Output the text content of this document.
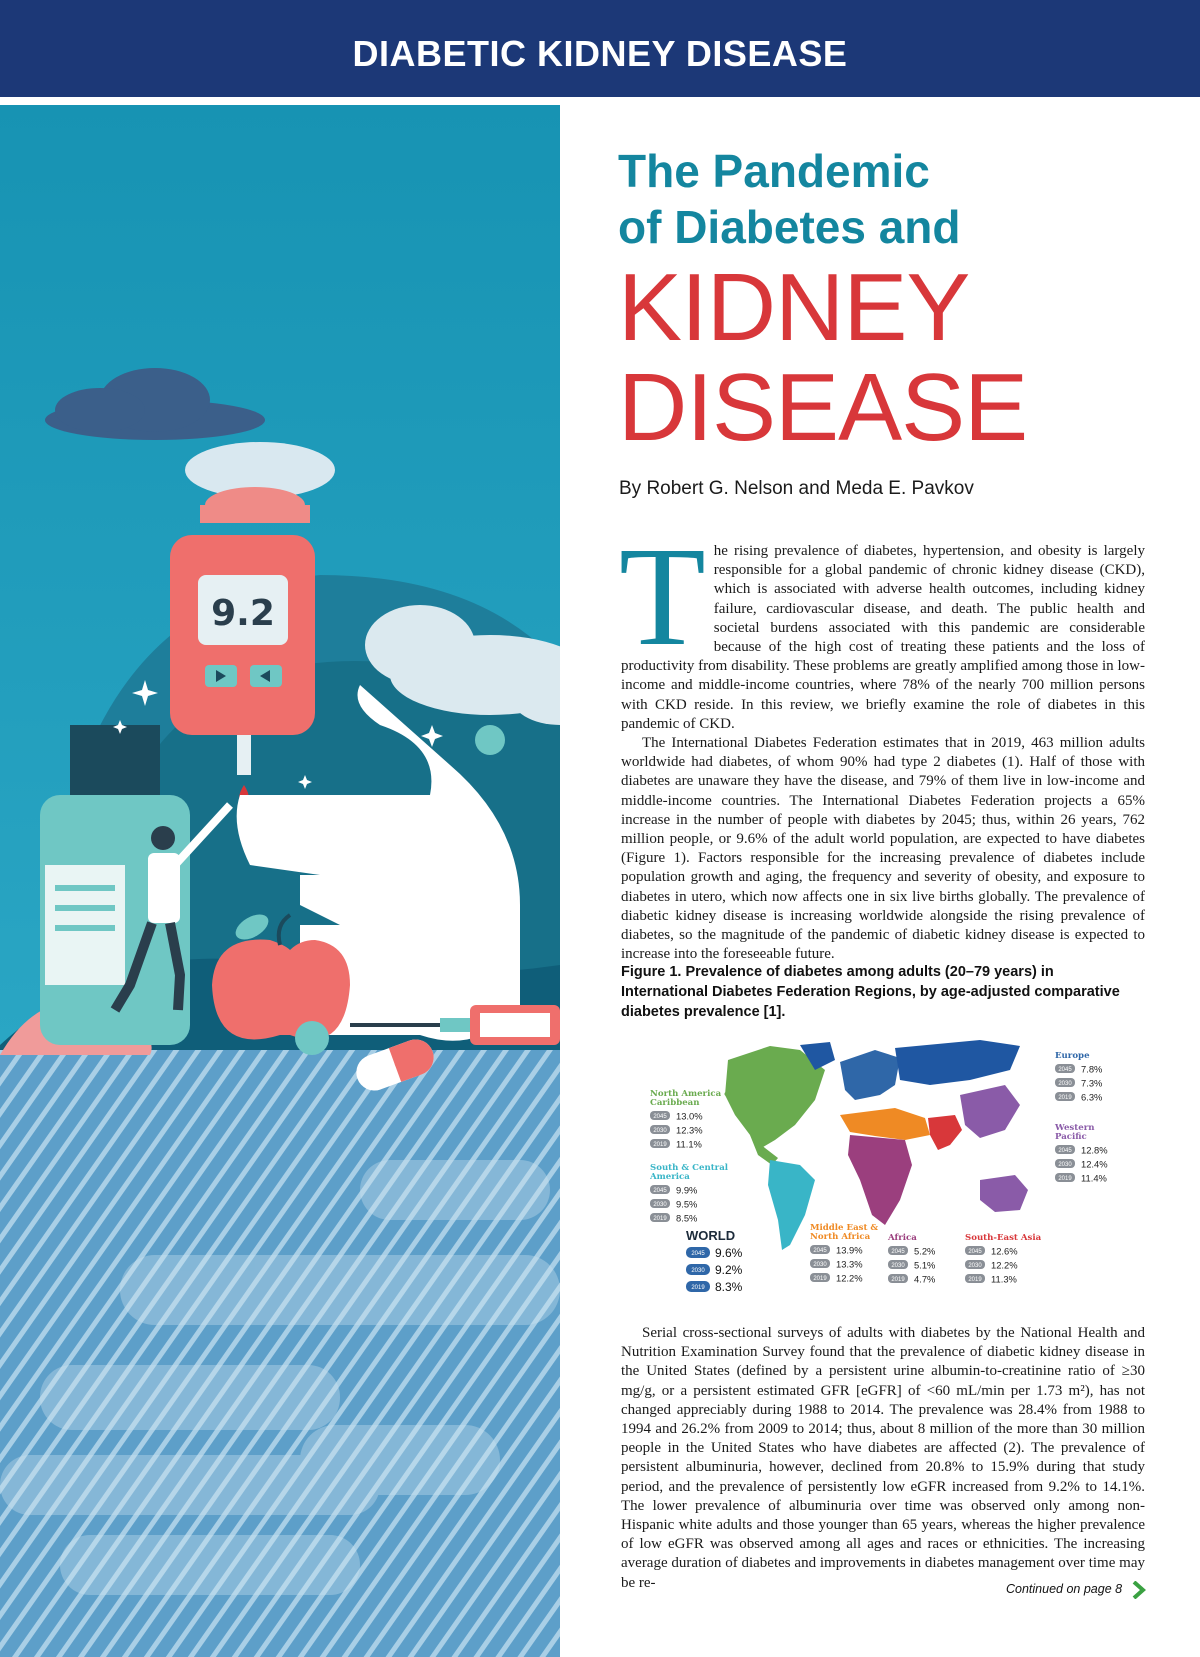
DIABETIC KIDNEY DISEASE
9.2
The Pandemic
of Diabetes and
KIDNEY
DISEASE
By Robert G. Nelson and Meda E. Pavkov
T he rising prevalence of diabetes, hypertension, and obesity is largely responsible for a global pandemic of chronic kidney disease (CKD), which is associated with adverse health outcomes, including kidney failure, cardiovascular disease, and death. The public health and societal burdens associated with this pandemic are considerable because of the high cost of treating these patients and the loss of productivity from disability. These problems are greatly amplified among those in low-income and middle-income countries, where 78% of the nearly 700 million persons with CKD reside. In this review, we briefly examine the role of diabetes in this pandemic of CKD.

The International Diabetes Federation estimates that in 2019, 463 million adults worldwide had diabetes, of whom 90% had type 2 diabetes (1). Half of those with diabetes are unaware they have the disease, and 79% of them live in low-income and middle-income countries. The International Diabetes Federation projects a 65% increase in the number of people with diabetes by 2045; thus, within 26 years, 762 million people, or 9.6% of the adult world population, are expected to have diabetes (Figure 1). Factors responsible for the increasing prevalence of diabetes include population growth and aging, the frequency and severity of obesity, and exposure to diabetes in utero, which now affects one in six live births globally. The prevalence of diabetic kidney disease is increasing worldwide alongside the rising prevalence of diabetes, so the magnitude of the pandemic of diabetic kidney disease is expected to increase into the foreseeable future.

Figure 1. Prevalence of diabetes among adults (20–79 years) in International Diabetes Federation Regions, by age-adjusted comparative diabetes prevalence [1].
Europe
2045 7.8%
2030 7.3%
2019 6.3%
Western
Pacific
2045 12.8%
2030 12.4%
2019 11.4%
North America &
Caribbean
2045 13.0%
2030 12.3%
2019 11.1%
South & Central
America
2045 9.9%
2030 9.5%
2019 8.5%
Middle East &
North Africa
2045 13.9%
2030 13.3%
2019 12.2%
Africa
2045 5.2%
2030 5.1%
2019 4.7%
South-East Asia
2045 12.6%
2030 12.2%
2019 11.3%
WORLD
2045 9.6%
2030 9.2%
2019 8.3%

Serial cross-sectional surveys of adults with diabetes by the National Health and Nutrition Examination Survey found that the prevalence of diabetic kidney disease in the United States (defined by a persistent urine albumin-to-creatinine ratio of ≥30 mg/g, or a persistent estimated GFR [eGFR] of <60 mL/min per 1.73 m²), has not changed appreciably during 1988 to 2014. The prevalence was 28.4% from 1988 to 1994 and 26.2% from 2009 to 2014; thus, about 8 million of the more than 30 million people in the United States who have diabetes are affected (2). The prevalence of persistent albuminuria, however, declined from 20.8% to 15.9% during that study period, and the prevalence of persistently low eGFR increased from 9.2% to 14.1%. The lower prevalence of albuminuria over time was observed only among non-Hispanic white adults and those younger than 65 years, whereas the higher prevalence of low eGFR was observed among all ages and races or ethnicities. The increasing average duration of diabetes and improvements in diabetes management over time may be re-	Continued on page 8
